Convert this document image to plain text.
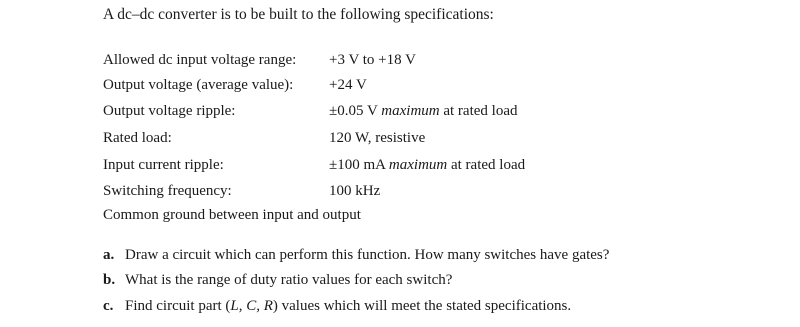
A dc–dc converter is to be built to the following specifications:
Allowed dc input voltage range: +3 V to +18 V
Output voltage (average value): +24 V
Output voltage ripple:	±0.05 V maximum at rated load
Rated load:	120 W, resistive
Input current ripple:	±100 mA maximum at rated load
Switching frequency:	100 kHz
Common ground between input and output
a. Draw a circuit which can perform this function. How many switches have gates?
b. What is the range of duty ratio values for each switch?
c. Find circuit part (L, C, R) values which will meet the stated specifications.
